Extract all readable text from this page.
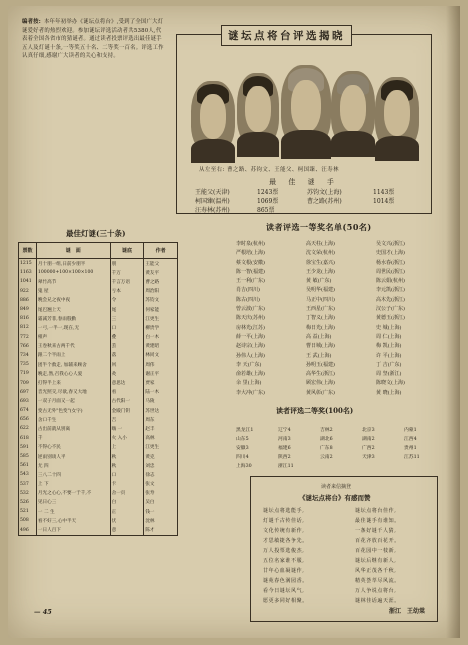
编者按: 本年年初举办《谜坛点将台》,受到了全国广大灯谜爱好者的热烈欢迎。参加谜坛评选活动者共5380人,代表着全国各省市的猜谜者。通过读者投票评选出最佳谜手五人及灯谜十条,一等奖五十名、二等奖一百名。评选工作认真仔细,感谢广大读者的关心和支持。
谜坛点将台评选揭晓
从左至右: 曹之路、苏钧文、王能父、柯国臻、汪寿林
最 佳 谜 手
王能父(天津)	1243票	苏钧文(上海)	1143票
柯国臻(温州)	1069票	曹之路(苏州)	1014票
汪寿林(苏州)	865票
最佳灯谜(三十条)
票数	谜　 面	谜底	作者
1215	月十朋一组,日前少朋半	朋	王能父
1163	100000+100×100×100	千万	黄友平
1041	翠竹高节	千言万语	曹之路
922	鬼 屋	亏本	周治阳
886	晚会兄之夜中夜	令	苏钧文
849	尾巴翘上天	尾	何家能
816	霜减芳菲,春雨殷勤	三	江更生
812	一弓,一半一,现在,无	口	柳贵学
772	相声	叠	白一木
766	王卷秋来古两千代	丢	黄建昭
734	跟二个半雨上	落	林同文
735	团半个救走, 加辅来顾舍	夙	周伟
719	晚走,然,召我心心人爱	灸	谢正平
709	打得半上来	意思达	贾家
697	音光照交,尽欲,春又大地	看	陆一木
693	一双子月面又一起	古代阳一	马陵
674	变古无外"色变"(女字)	金殿门钥	苏世达
656	舍口千生	吉	周东
622	古出前就从别离	嗨 一	赵丰
618	千	火 入小	高林
591	不得心不民	上	江更生
585	逆雨别谈人平	秋	黄克
561	尤 四	秋	刘忠
543	三八二十四	口	徐志
537	上 下	卡	张文
532	月光之心心,不要一于千,不	舍一页	张寿
526	见日心三	白	吴白
521	一 二 生	正	钱一
508	看不好三,心中半天	伏	沈林
496	一日人百下	意	陈才
读者评选一等奖名单(50名)
李时泉(杭州)	高天柱(上海)	吴文兴(浙江)
严根培(上海)	沈文荣(杭州)	史国才(上海)
蔡文根(安徽)	徐宝生(嘉兴)	杨水春(浙江)
陈一智(福建)	王少龙(上海)	周世民(浙江)
王一利(广东)	黄 敏(广东)	陈云娟(杭州)
肖吉(四川)	吴明华(福建)	李元凯(浙江)
陈古(四川)	马正中(四川)	高木先(浙江)
曾云波(广东)	王西星(广东)	汉公子(广东)
陈天庆(苏州)	丁智义(上海)	黄德玉(浙江)
房林光(江苏)	梅日光(上海)	史 城(上海)
薛一平(上海)	高 益(上海)	周 仁(上海)
赵诗宗(上海)	曹日城(上海)	梅 凯(上海)
孙伟人(上海)	王 武(上海)	许 平(上海)
李 天(广东)	孙明玉(福建)	丁 吉(广东)
俞若雄(上海)	高华生(浙江)	周 坚(浙江)
余 里(上海)	顾宏伟(上海)	陈晓文(上海)
李大冲(广东)	黄风彰(广东)	黄 晓(上海)
读者评选二等奖(100名)
黑龙江1	辽宁4	吉林2	北京3	内蒙1
山东5	河南3	湖北6	湖南2	江西4
安徽3	福建6	广东8	广西2	贵州1
四川4	陕西2	云南2	天津3	江苏11
上海30	浙江11
读者来信摘登
《谜坛点将台》有感而赞
谜坛点将选能手,
灯谜千古传佳话,
文化传统有新作,
才思敏捷各争先。
万人投票选俊杰,
五位名家谁不服,
廿年心血凝谜作,
谜苑春色满园香。
看今日谜坛风气,
愿更多同好相聚。
谜坛点将台佳作,
最佳谜手有谁知。
一条好谜千人猜,
百花齐放百花开。
百花园中一枝新,
谜坛后继有新人,
风华正茂各千秋,
精英荟萃尽风流。
万人争说点将台,
谜林佳话遍天涯。
浙江　王幼棠
— 45
